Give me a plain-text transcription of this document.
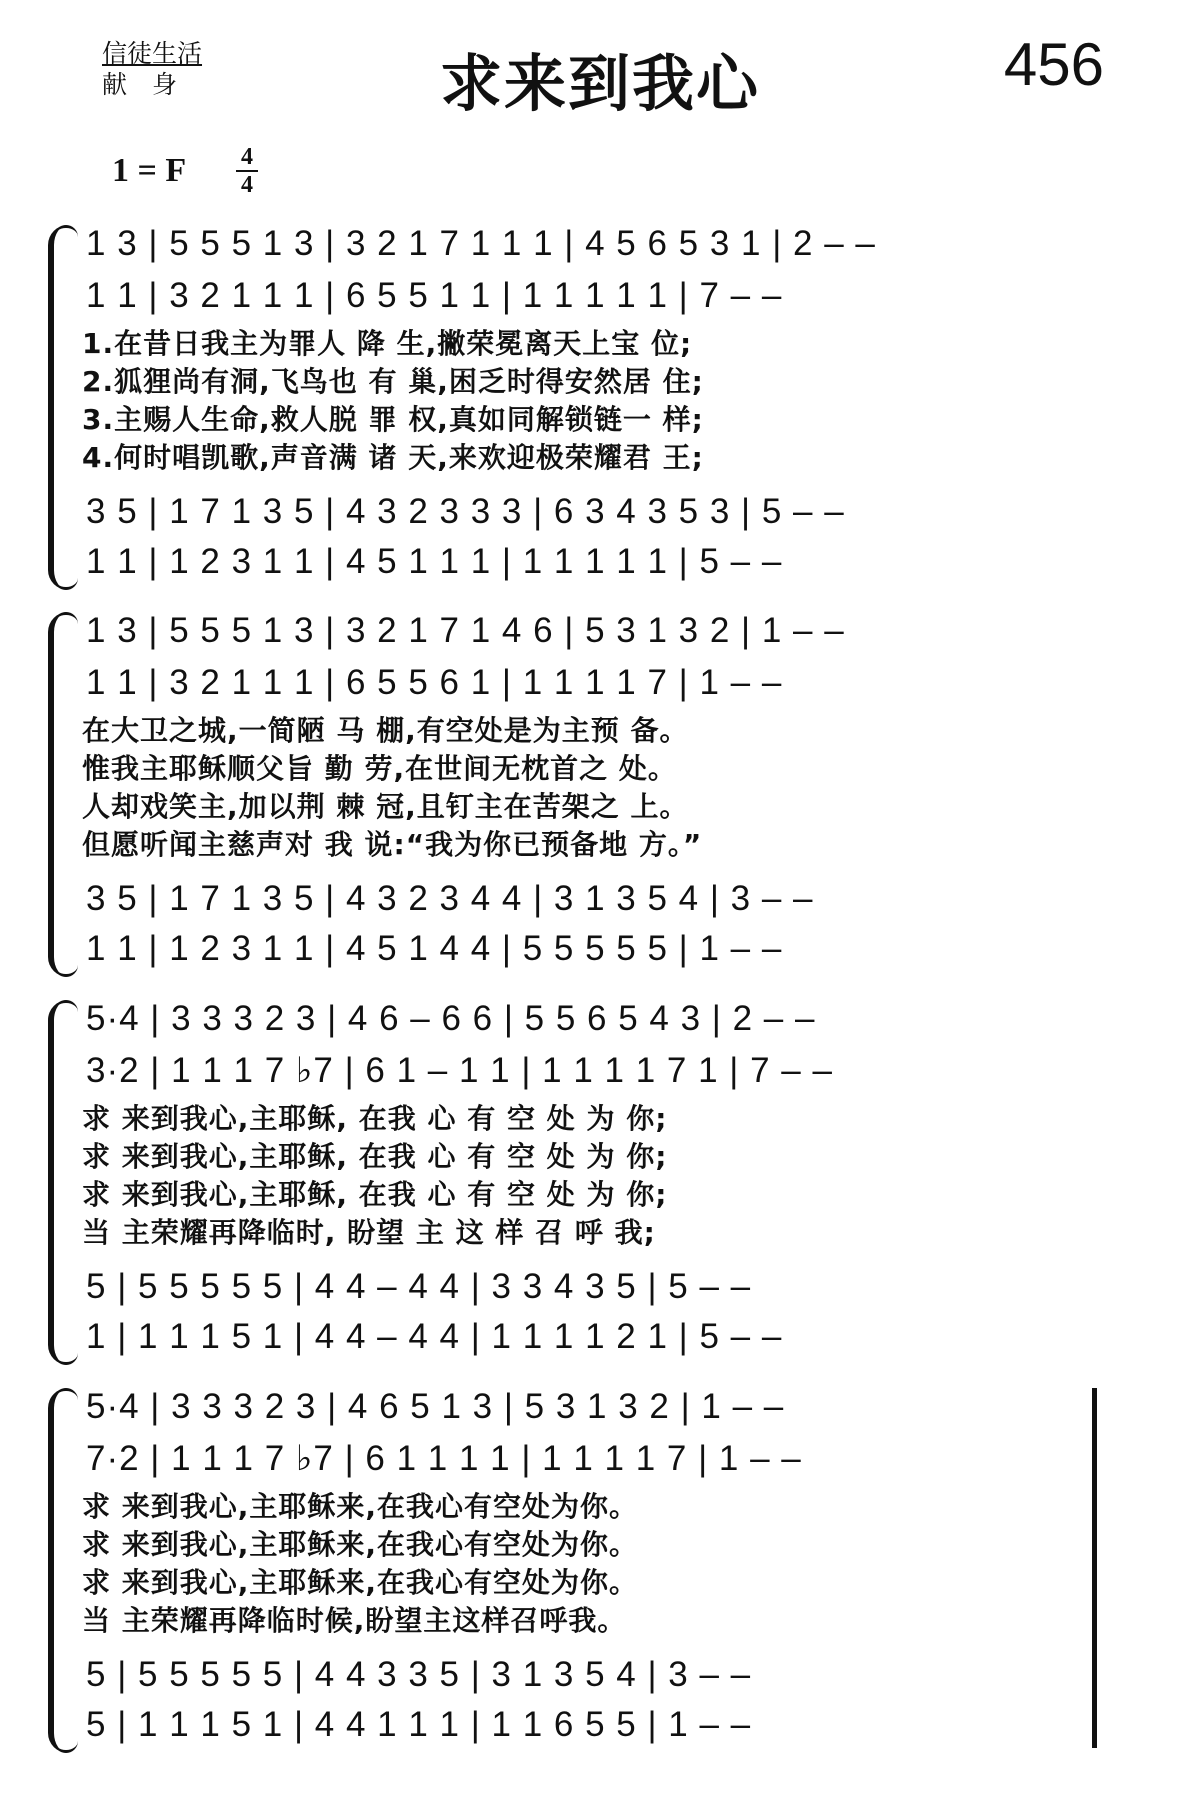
信徒生活
献　身	求来到我心	456
1 = F 4
4
1 3 | 5 5 5 1 3 | 3 2 1 7 1 1 1 | 4 5 6 5 3 1 | 2 – –
1 1 | 3 2 1 1 1 | 6 5 5 1 1 | 1 1 1 1 1 | 7 – –
1.在昔日我主为罪人 降 生,撇荣冕离天上宝 位;
2.狐狸尚有洞,飞鸟也 有 巢,困乏时得安然居 住;
3.主赐人生命,救人脱 罪 权,真如同解锁链一 样;
4.何时唱凯歌,声音满 诸 天,来欢迎极荣耀君 王;
3 5 | 1 7 1 3 5 | 4 3 2 3 3 3 | 6 3 4 3 5 3 | 5 – –
1 1 | 1 2 3 1 1 | 4 5 1 1 1 | 1 1 1 1 1 | 5 – –
1 3 | 5 5 5 1 3 | 3 2 1 7 1 4 6 | 5 3 1 3 2 | 1 – –
1 1 | 3 2 1 1 1 | 6 5 5 6 1 | 1 1 1 1 7 | 1 – –
在大卫之城,一简陋 马 棚,有空处是为主预 备。
惟我主耶稣顺父旨 勤 劳,在世间无枕首之 处。
人却戏笑主,加以荆 棘 冠,且钉主在苦架之 上。
但愿听闻主慈声对 我 说:“我为你已预备地 方。”
3 5 | 1 7 1 3 5 | 4 3 2 3 4 4 | 3 1 3 5 4 | 3 – –
1 1 | 1 2 3 1 1 | 4 5 1 4 4 | 5 5 5 5 5 | 1 – –
5·4 | 3 3 3 2 3 | 4 6 – 6 6 | 5 5 6 5 4 3 | 2 – –
3·2 | 1 1 1 7 ♭7 | 6 1 – 1 1 | 1 1 1 1 7 1 | 7 – –
求 来到我心,主耶稣, 在我 心 有 空 处 为 你;
求 来到我心,主耶稣, 在我 心 有 空 处 为 你;
求 来到我心,主耶稣, 在我 心 有 空 处 为 你;
当 主荣耀再降临时, 盼望 主 这 样 召 呼 我;
5 | 5 5 5 5 5 | 4 4 – 4 4 | 3 3 4 3 5 | 5 – –
1 | 1 1 1 5 1 | 4 4 – 4 4 | 1 1 1 1 2 1 | 5 – –
5·4 | 3 3 3 2 3 | 4 6 5 1 3 | 5 3 1 3 2 | 1 – –
7·2 | 1 1 1 7 ♭7 | 6 1 1 1 1 | 1 1 1 1 7 | 1 – –
求 来到我心,主耶稣来,在我心有空处为你。
求 来到我心,主耶稣来,在我心有空处为你。
求 来到我心,主耶稣来,在我心有空处为你。
当 主荣耀再降临时候,盼望主这样召呼我。
5 | 5 5 5 5 5 | 4 4 3 3 5 | 3 1 3 5 4 | 3 – –
5 | 1 1 1 5 1 | 4 4 1 1 1 | 1 1 6 5 5 | 1 – –
